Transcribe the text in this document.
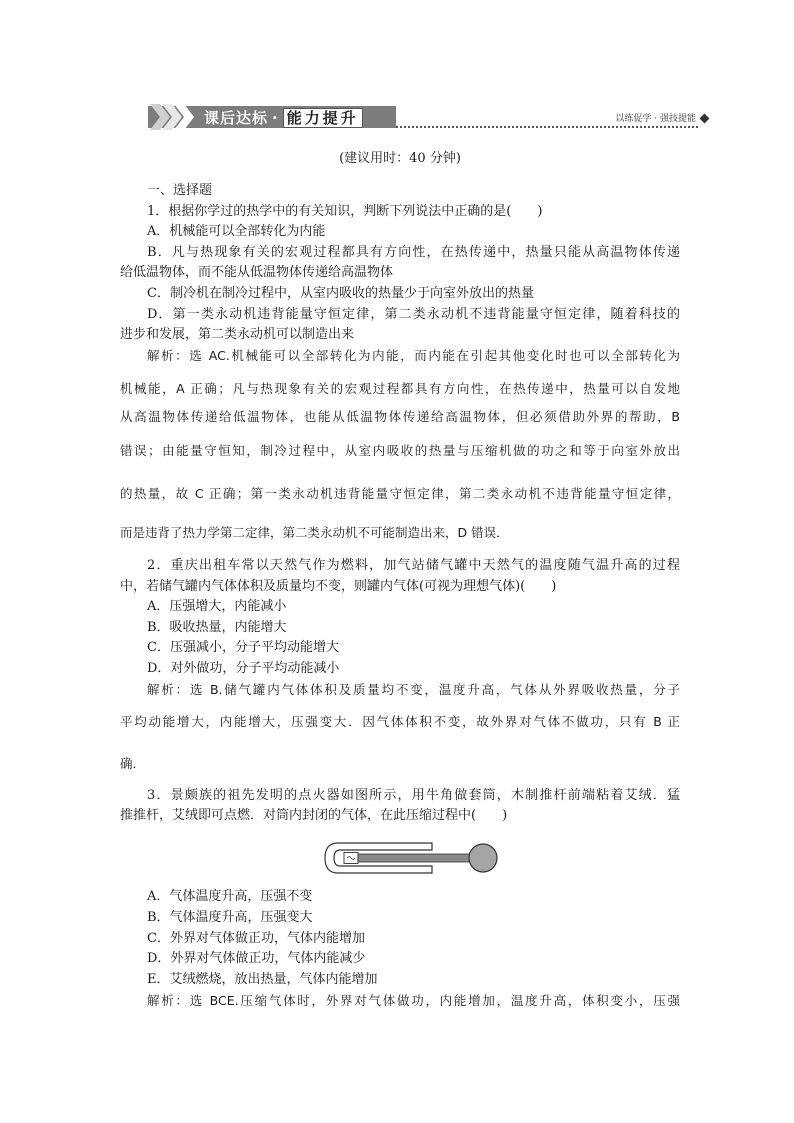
课后达标 · 能力提升	以练促学 · 强技提能
(建议用时：40 分钟)
一、选择题
1．根据你学过的热学中的有关知识，判断下列说法中正确的是(　　)
A．机械能可以全部转化为内能
B．凡与热现象有关的宏观过程都具有方向性，在热传递中，热量只能从高温物体传递
给低温物体，而不能从低温物体传递给高温物体
C．制冷机在制冷过程中，从室内吸收的热量少于向室外放出的热量
D．第一类永动机违背能量守恒定律，第二类永动机不违背能量守恒定律，随着科技的
进步和发展，第二类永动机可以制造出来
解析：选 AC.机械能可以全部转化为内能，而内能在引起其他变化时也可以全部转化为
机械能，A 正确；凡与热现象有关的宏观过程都具有方向性，在热传递中，热量可以自发地
从高温物体传递给低温物体，也能从低温物体传递给高温物体，但必须借助外界的帮助，B
错误；由能量守恒知，制冷过程中，从室内吸收的热量与压缩机做的功之和等于向室外放出
的热量，故 C 正确；第一类永动机违背能量守恒定律，第二类永动机不违背能量守恒定律，
而是违背了热力学第二定律，第二类永动机不可能制造出来，D 错误．
2．重庆出租车常以天然气作为燃料，加气站储气罐中天然气的温度随气温升高的过程
中，若储气罐内气体体积及质量均不变，则罐内气体(可视为理想气体)(　　)
A．压强增大，内能减小
B．吸收热量，内能增大
C．压强减小，分子平均动能增大
D．对外做功，分子平均动能减小
解析：选 B.储气罐内气体体积及质量均不变，温度升高，气体从外界吸收热量，分子
平均动能增大，内能增大，压强变大．因气体体积不变，故外界对气体不做功，只有 B 正
确．
3．景颇族的祖先发明的点火器如图所示，用牛角做套筒，木制推杆前端粘着艾绒．猛
推推杆，艾绒即可点燃．对筒内封闭的气体，在此压缩过程中(　　)
A．气体温度升高，压强不变
B．气体温度升高，压强变大
C．外界对气体做正功，气体内能增加
D．外界对气体做正功，气体内能减少
E．艾绒燃烧，放出热量，气体内能增加
解析：选 BCE.压缩气体时，外界对气体做功，内能增加，温度升高，体积变小，压强
